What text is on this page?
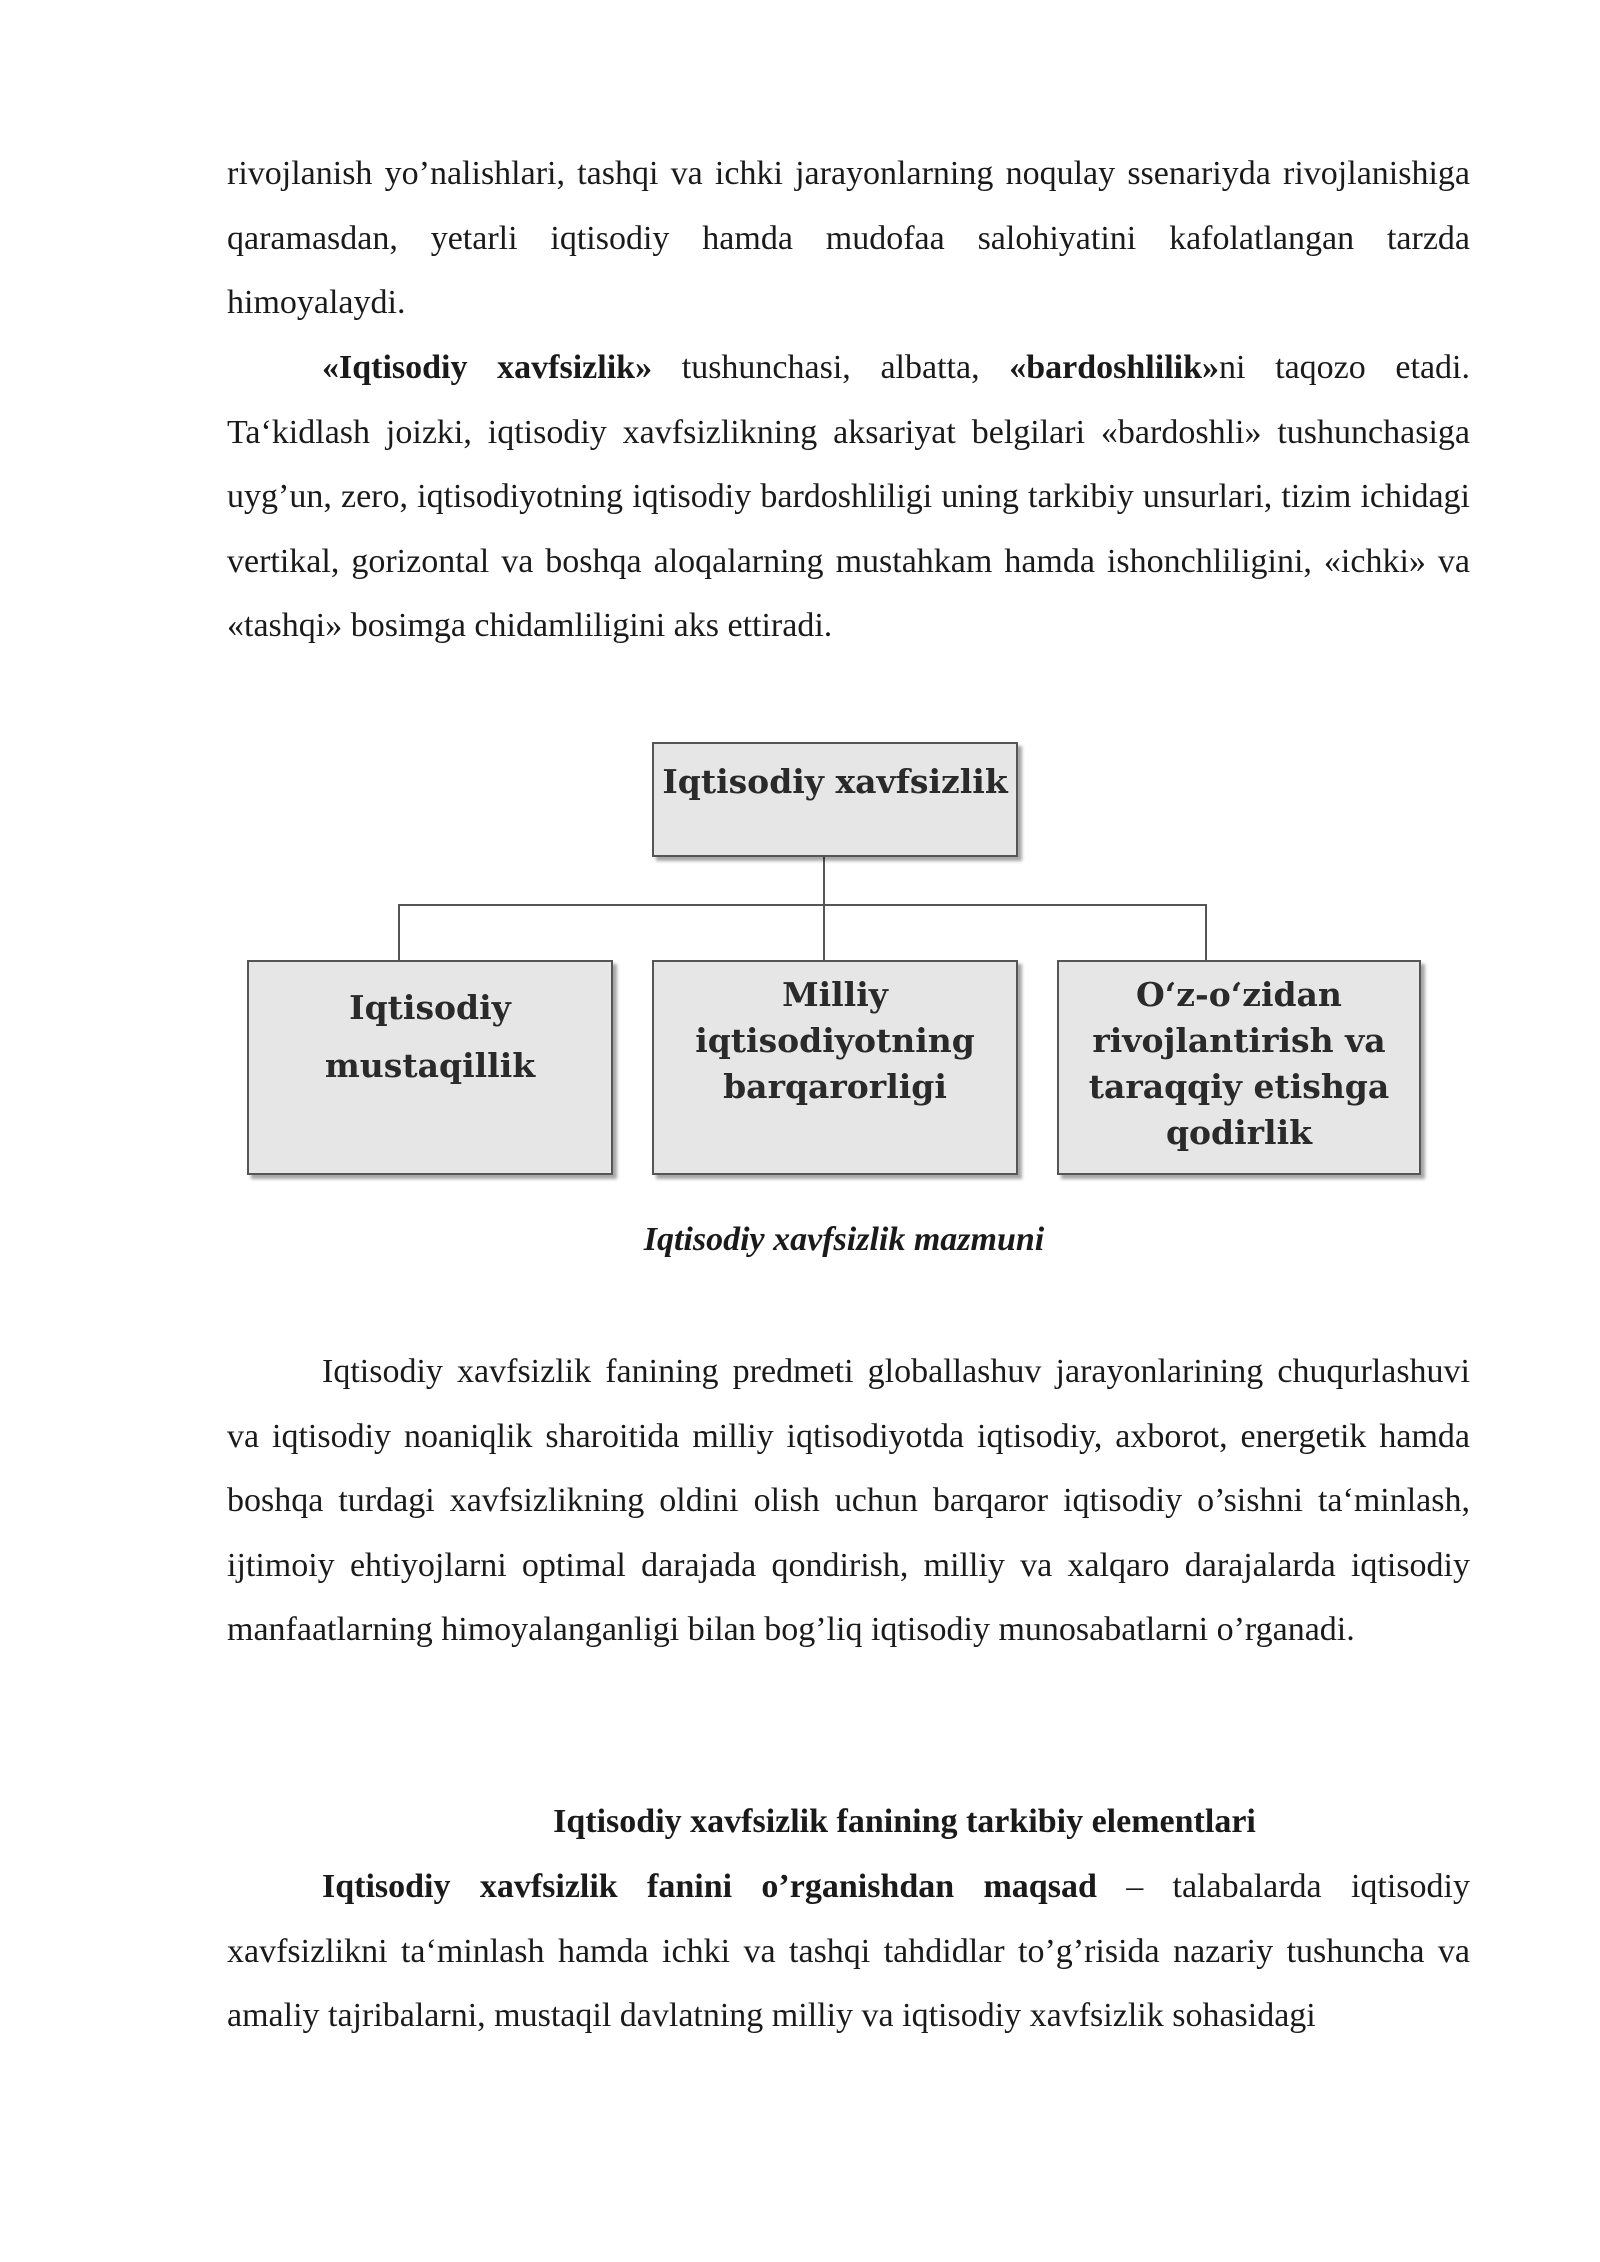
rivojlanish yo’nalishlari, tashqi va ichki jarayonlarning noqulay ssenariyda rivojlanishiga qaramasdan, yetarli iqtisodiy hamda mudofaa salohiyatini kafolatlangan tarzda himoyalaydi.

«Iqtisodiy xavfsizlik» tushunchasi, albatta, «bardoshlilik»ni taqozo etadi. Ta‘kidlash joizki, iqtisodiy xavfsizlikning aksariyat belgilari «bardoshli» tushunchasiga uyg’un, zero, iqtisodiyotning iqtisodiy bardoshliligi uning tarkibiy unsurlari, tizim ichidagi vertikal, gorizontal va boshqa aloqalarning mustahkam hamda ishonchliligini, «ichki» va «tashqi» bosimga chidamliligini aks ettiradi.

Iqtisodiy xavfsizlik
Iqtisodiy
mustaqillik
Milliy
iqtisodiyotning
barqarorligi
O‘z-o‘zidan
rivojlantirish va
taraqqiy etishga
qodirlik

Iqtisodiy xavfsizlik mazmuni

Iqtisodiy xavfsizlik fanining predmeti globallashuv jarayonlarining chuqurlashuvi va iqtisodiy noaniqlik sharoitida milliy iqtisodiyotda iqtisodiy, axborot, energetik hamda boshqa turdagi xavfsizlikning oldini olish uchun barqaror iqtisodiy o’sishni ta‘minlash, ijtimoiy ehtiyojlarni optimal darajada qondirish, milliy va xalqaro darajalarda iqtisodiy manfaatlarning himoyalanganligi bilan bog’liq iqtisodiy munosabatlarni o’rganadi.

Iqtisodiy xavfsizlik fanining tarkibiy elementlari

Iqtisodiy xavfsizlik fanini o’rganishdan maqsad – talabalarda iqtisodiy xavfsizlikni ta‘minlash hamda ichki va tashqi tahdidlar to’g’risida nazariy tushuncha va amaliy tajribalarni, mustaqil davlatning milliy va iqtisodiy xavfsizlik sohasidagi
